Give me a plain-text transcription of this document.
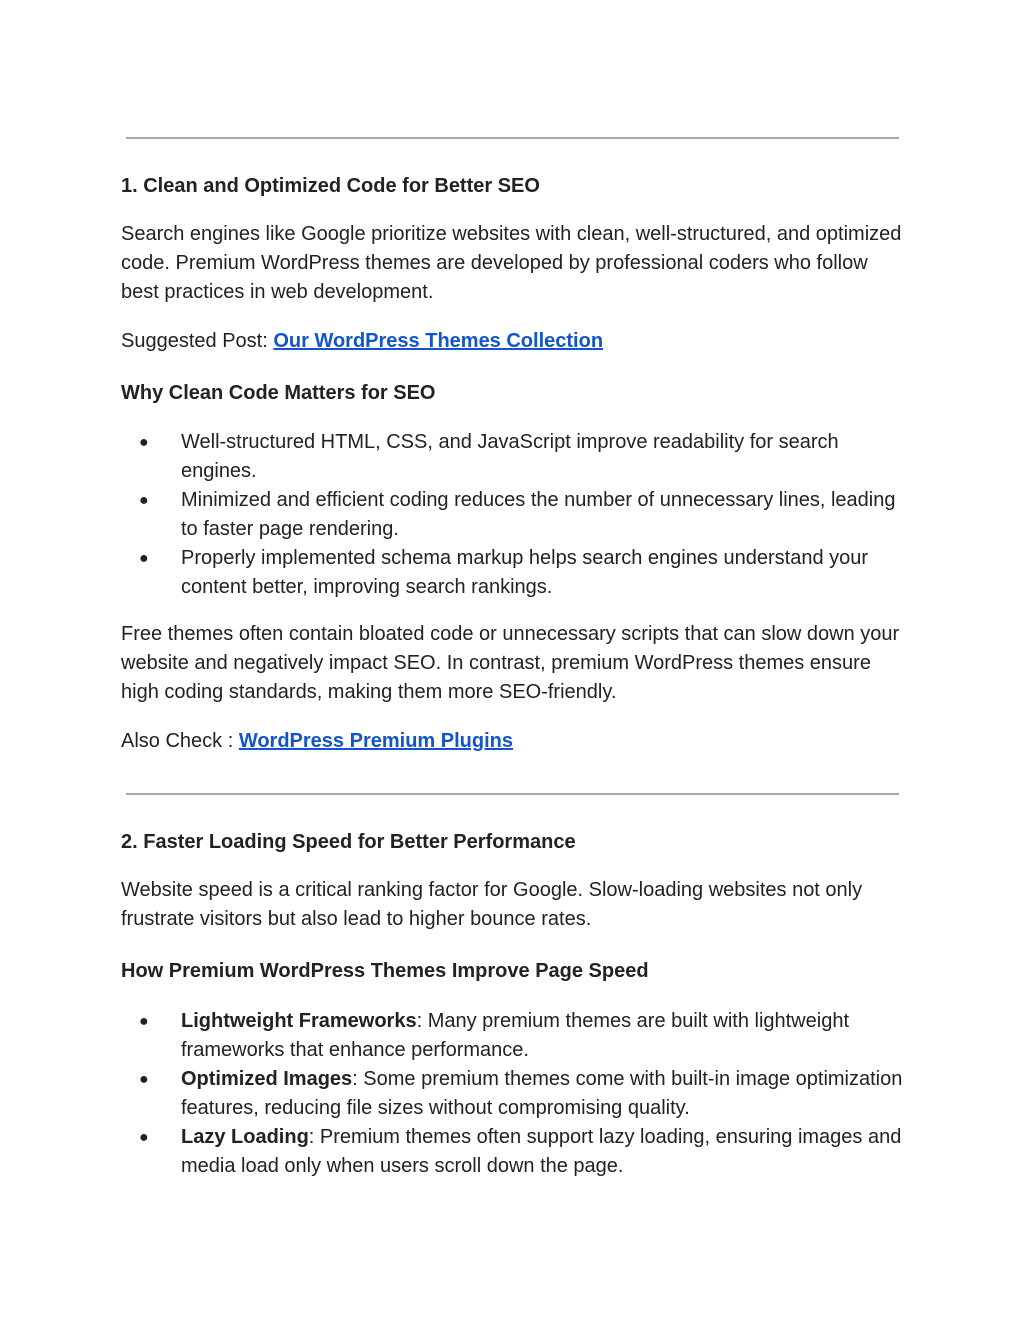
1. Clean and Optimized Code for Better SEO

Search engines like Google prioritize websites with clean, well-structured, and optimized code. Premium WordPress themes are developed by professional coders who follow best practices in web development.

Suggested Post: Our WordPress Themes Collection

Why Clean Code Matters for SEO

● Well-structured HTML, CSS, and JavaScript improve readability for search engines.
● Minimized and efficient coding reduces the number of unnecessary lines, leading to faster page rendering.
● Properly implemented schema markup helps search engines understand your content better, improving search rankings.

Free themes often contain bloated code or unnecessary scripts that can slow down your website and negatively impact SEO. In contrast, premium WordPress themes ensure high coding standards, making them more SEO-friendly.

Also Check : WordPress Premium Plugins

2. Faster Loading Speed for Better Performance

Website speed is a critical ranking factor for Google. Slow-loading websites not only frustrate visitors but also lead to higher bounce rates.

How Premium WordPress Themes Improve Page Speed

● Lightweight Frameworks: Many premium themes are built with lightweight frameworks that enhance performance.
● Optimized Images: Some premium themes come with built-in image optimization features, reducing file sizes without compromising quality.
● Lazy Loading: Premium themes often support lazy loading, ensuring images and media load only when users scroll down the page.
